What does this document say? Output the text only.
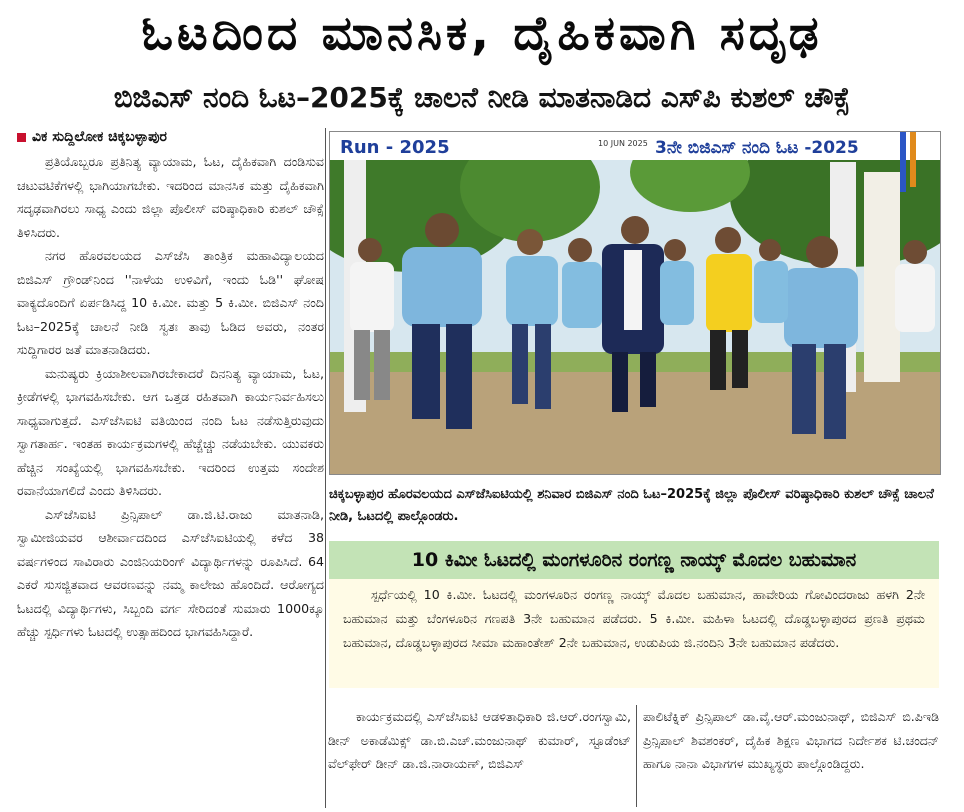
ಓಟದಿಂದ ಮಾನಸಿಕ, ದೈಹಿಕವಾಗಿ ಸದೃಢ
ಬಿಜಿಎಸ್ ನಂದಿ ಓಟ–2025ಕ್ಕೆ ಚಾಲನೆ ನೀಡಿ ಮಾತನಾಡಿದ ಎಸ್‌ಪಿ ಕುಶಲ್ ಚೌಕ್ಸೆ
ವಿಕ ಸುದ್ದಿಲೋಕ ಚಿಕ್ಕಬಳ್ಳಾಪುರ

ಪ್ರತಿಯೊಬ್ಬರೂ ಪ್ರತಿನಿತ್ಯ ವ್ಯಾಯಾಮ, ಓಟ, ದೈಹಿಕವಾಗಿ ದಂಡಿಸುವ ಚಟುವಟಿಕೆಗಳಲ್ಲಿ ಭಾಗಿಯಾಗಬೇಕು. ಇದರಿಂದ ಮಾನಸಿಕ ಮತ್ತು ದೈಹಿಕವಾಗಿ ಸದೃಢವಾಗಿರಲು ಸಾಧ್ಯ ಎಂದು ಜಿಲ್ಲಾ ಪೊಲೀಸ್ ವರಿಷ್ಠಾಧಿಕಾರಿ ಕುಶಲ್ ಚೌಕ್ಸೆ ತಿಳಿಸಿದರು.

ನಗರ ಹೊರವಲಯದ ಎಸ್‌ಜೆಸಿ ತಾಂತ್ರಿಕ ಮಹಾವಿದ್ಯಾಲಯದ ಬಿಜಿಎಸ್ ಗ್ರೌಂಡ್‌ನಿಂದ ''ನಾಳೆಯ ಉಳಿವಿಗೆ, ಇಂದು ಓಡಿ'' ಘೋಷ ವಾಕ್ಯದೊಂದಿಗೆ ಏರ್ಪಡಿಸಿದ್ದ 10 ಕಿ.ಮೀ. ಮತ್ತು 5 ಕಿ.ಮೀ. ಬಿಜಿಎಸ್ ನಂದಿ ಓಟ–2025ಕ್ಕೆ ಚಾಲನೆ ನೀಡಿ ಸ್ವತಃ ತಾವು ಓಡಿದ ಅವರು, ನಂತರ ಸುದ್ದಿಗಾರರ ಜತೆ ಮಾತನಾಡಿದರು.

ಮನುಷ್ಯರು ಕ್ರಿಯಾಶೀಲವಾಗಿರಬೇಕಾದರೆ ದಿನನಿತ್ಯ ವ್ಯಾಯಾಮ, ಓಟ, ಕ್ರೀಡೆಗಳಲ್ಲಿ ಭಾಗವಹಿಸಬೇಕು. ಆಗ ಒತ್ತಡ ರಹಿತವಾಗಿ ಕಾರ್ಯನಿರ್ವಹಿಸಲು ಸಾಧ್ಯವಾಗುತ್ತದೆ. ಎಸ್‌ಜೆಸಿಐಟಿ ವತಿಯಿಂದ ನಂದಿ ಓಟ ನಡೆಸುತ್ತಿರುವುದು ಸ್ವಾಗತಾರ್ಹ. ಇಂತಹ ಕಾರ್ಯಕ್ರಮಗಳಲ್ಲಿ ಹೆಚ್ಚೆಚ್ಚು ನಡೆಯಬೇಕು. ಯುವಕರು ಹೆಚ್ಚಿನ ಸಂಖ್ಯೆಯಲ್ಲಿ ಭಾಗವಹಿಸಬೇಕು. ಇದರಿಂದ ಉತ್ತಮ ಸಂದೇಶ ರವಾನೆಯಾಗಲಿದೆ ಎಂದು ತಿಳಿಸಿದರು.

ಎಸ್‌ಜೆಸಿಐಟಿ ಪ್ರಿನ್ಸಿಪಾಲ್ ಡಾ.ಜಿ.ಟಿ.ರಾಜು ಮಾತನಾಡಿ, ಸ್ವಾಮೀಜಿಯವರ ಆಶೀರ್ವಾದದಿಂದ ಎಸ್‌ಜೆಸಿಐಟಿಯಲ್ಲಿ ಕಳೆದ 38 ವರ್ಷಗಳಿಂದ ಸಾವಿರಾರು ಎಂಜಿನಿಯರಿಂಗ್ ವಿದ್ಯಾರ್ಥಿಗಳನ್ನು ರೂಪಿಸಿದೆ. 64 ಎಕರೆ ಸುಸಜ್ಜಿತವಾದ ಆವರಣವನ್ನು ನಮ್ಮ ಕಾಲೇಜು ಹೊಂದಿದೆ. ಆರೋಗ್ಯದ ಓಟದಲ್ಲಿ ವಿದ್ಯಾರ್ಥಿಗಳು, ಸಿಬ್ಬಂದಿ ವರ್ಗ ಸೇರಿದಂತೆ ಸುಮಾರು 1000ಕ್ಕೂ ಹೆಚ್ಚು ಸ್ಪರ್ಧಿಗಳು ಓಟದಲ್ಲಿ ಉತ್ಸಾಹದಿಂದ ಭಾಗವಹಿಸಿದ್ದಾರೆ.

Run - 2025	10 JUN 2025 3ನೇ ಬಿಜಿಎಸ್ ನಂದಿ ಓಟ -2025
ಚಿಕ್ಕಬಳ್ಳಾಪುರ ಹೊರವಲಯದ ಎಸ್‌ಜೆಸಿಐಟಿಯಲ್ಲಿ ಶನಿವಾರ ಬಿಜಿಎಸ್ ನಂದಿ ಓಟ–2025ಕ್ಕೆ ಜಿಲ್ಲಾ ಪೊಲೀಸ್ ವರಿಷ್ಠಾಧಿಕಾರಿ ಕುಶಲ್ ಚೌಕ್ಸೆ ಚಾಲನೆ ನೀಡಿ, ಓಟದಲ್ಲಿ ಪಾಲ್ಗೊಂಡರು.
10 ಕಿಮೀ ಓಟದಲ್ಲಿ ಮಂಗಳೂರಿನ ರಂಗಣ್ಣ ನಾಯ್ಕ್ ಮೊದಲ ಬಹುಮಾನ

ಸ್ಪರ್ಧೆಯಲ್ಲಿ 10 ಕಿ.ಮೀ. ಓಟದಲ್ಲಿ ಮಂಗಳೂರಿನ ರಂಗಣ್ಣ ನಾಯ್ಕ್ ಮೊದಲ ಬಹುಮಾನ, ಹಾವೇರಿಯ ಗೋವಿಂದರಾಜು ಹಳಗಿ 2ನೇ ಬಹುಮಾನ ಮತ್ತು ಬೆಂಗಳೂರಿನ ಗಣಪತಿ 3ನೇ ಬಹುಮಾನ ಪಡೆದರು. 5 ಕಿ.ಮೀ. ಮಹಿಳಾ ಓಟದಲ್ಲಿ ದೊಡ್ಡಬಳ್ಳಾಪುರದ ಪ್ರಣತಿ ಪ್ರಥಮ ಬಹುಮಾನ, ದೊಡ್ಡಬಳ್ಳಾಪುರದ ಸೀಮಾ ಮಹಾಂತೇಶ್ 2ನೇ ಬಹುಮಾನ, ಉಡುಪಿಯ ಜಿ.ನಂದಿನಿ 3ನೇ ಬಹುಮಾನ ಪಡೆದರು.

ಕಾರ್ಯಕ್ರಮದಲ್ಲಿ ಎಸ್‌ಜೆಸಿಐಟಿ ಆಡಳಿತಾಧಿಕಾರಿ ಜಿ.ಆರ್.ರಂಗಸ್ವಾಮಿ, ಡೀನ್ ಅಕಾಡೆಮಿಕ್ಸ್ ಡಾ.ಬಿ.ಎಚ್.ಮಂಜುನಾಥ್ ಕುಮಾರ್, ಸ್ಟೂಡೆಂಟ್ ವೆಲ್‌ಫೇರ್ ಡೀನ್ ಡಾ.ಜಿ.ನಾರಾಯಣ್, ಬಿಜಿಎಸ್

ಪಾಲಿಟೆಕ್ನಿಕ್ ಪ್ರಿನ್ಸಿಪಾಲ್ ಡಾ.ವೈ.ಆರ್.ಮಂಜುನಾಥ್, ಬಿಜಿಎಸ್ ಬಿ.ಪಿಇಡಿ ಪ್ರಿನ್ಸಿಪಾಲ್ ಶಿವಶಂಕರ್, ದೈಹಿಕ ಶಿಕ್ಷಣ ವಿಭಾಗದ ನಿರ್ದೇಶಕ ಟಿ.ಚಂದನ್ ಹಾಗೂ ನಾನಾ ವಿಭಾಗಗಳ ಮುಖ್ಯಸ್ಥರು ಪಾಲ್ಗೊಂಡಿದ್ದರು.
